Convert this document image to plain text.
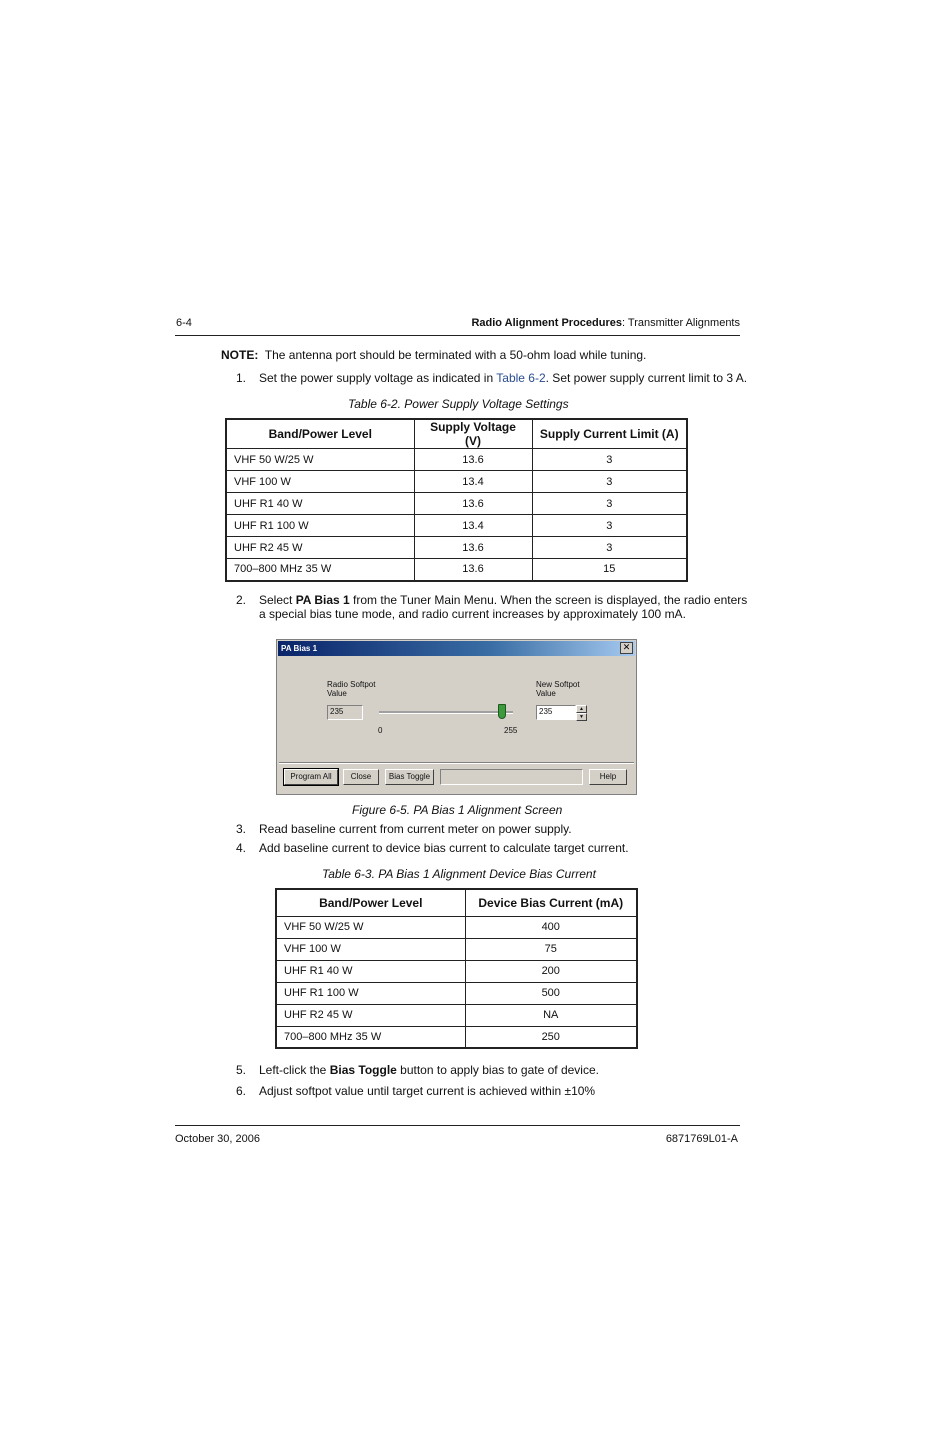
6-4	Radio Alignment Procedures: Transmitter Alignments
NOTE: The antenna port should be terminated with a 50-ohm load while tuning.
1. Set the power supply voltage as indicated in Table 6-2. Set power supply current limit to 3 A.
Table 6-2. Power Supply Voltage Settings
Band/Power Level	Supply Voltage (V)	Supply Current Limit (A)
VHF 50 W/25 W	13.6	3
VHF 100 W	13.4	3
UHF R1 40 W	13.6	3
UHF R1 100 W	13.4	3
UHF R2 45 W	13.6	3
700–800 MHz 35 W	13.6	15
2. Select PA Bias 1 from the Tuner Main Menu. When the screen is displayed, the radio enters
a special bias tune mode, and radio current increases by approximately 100 mA.
PA Bias 1	✕
Radio Softpot
Value
235
0	255
New Softpot
Value
235	▲
▼
Program All	Close	Bias Toggle	Help
Figure 6-5. PA Bias 1 Alignment Screen
3. Read baseline current from current meter on power supply.
4. Add baseline current to device bias current to calculate target current.
Table 6-3. PA Bias 1 Alignment Device Bias Current
Band/Power Level	Device Bias Current (mA)
VHF 50 W/25 W	400
VHF 100 W	75
UHF R1 40 W	200
UHF R1 100 W	500
UHF R2 45 W	NA
700–800 MHz 35 W	250
5. Left-click the Bias Toggle button to apply bias to gate of device.
6. Adjust softpot value until target current is achieved within ±10%
October 30, 2006	6871769L01-A
